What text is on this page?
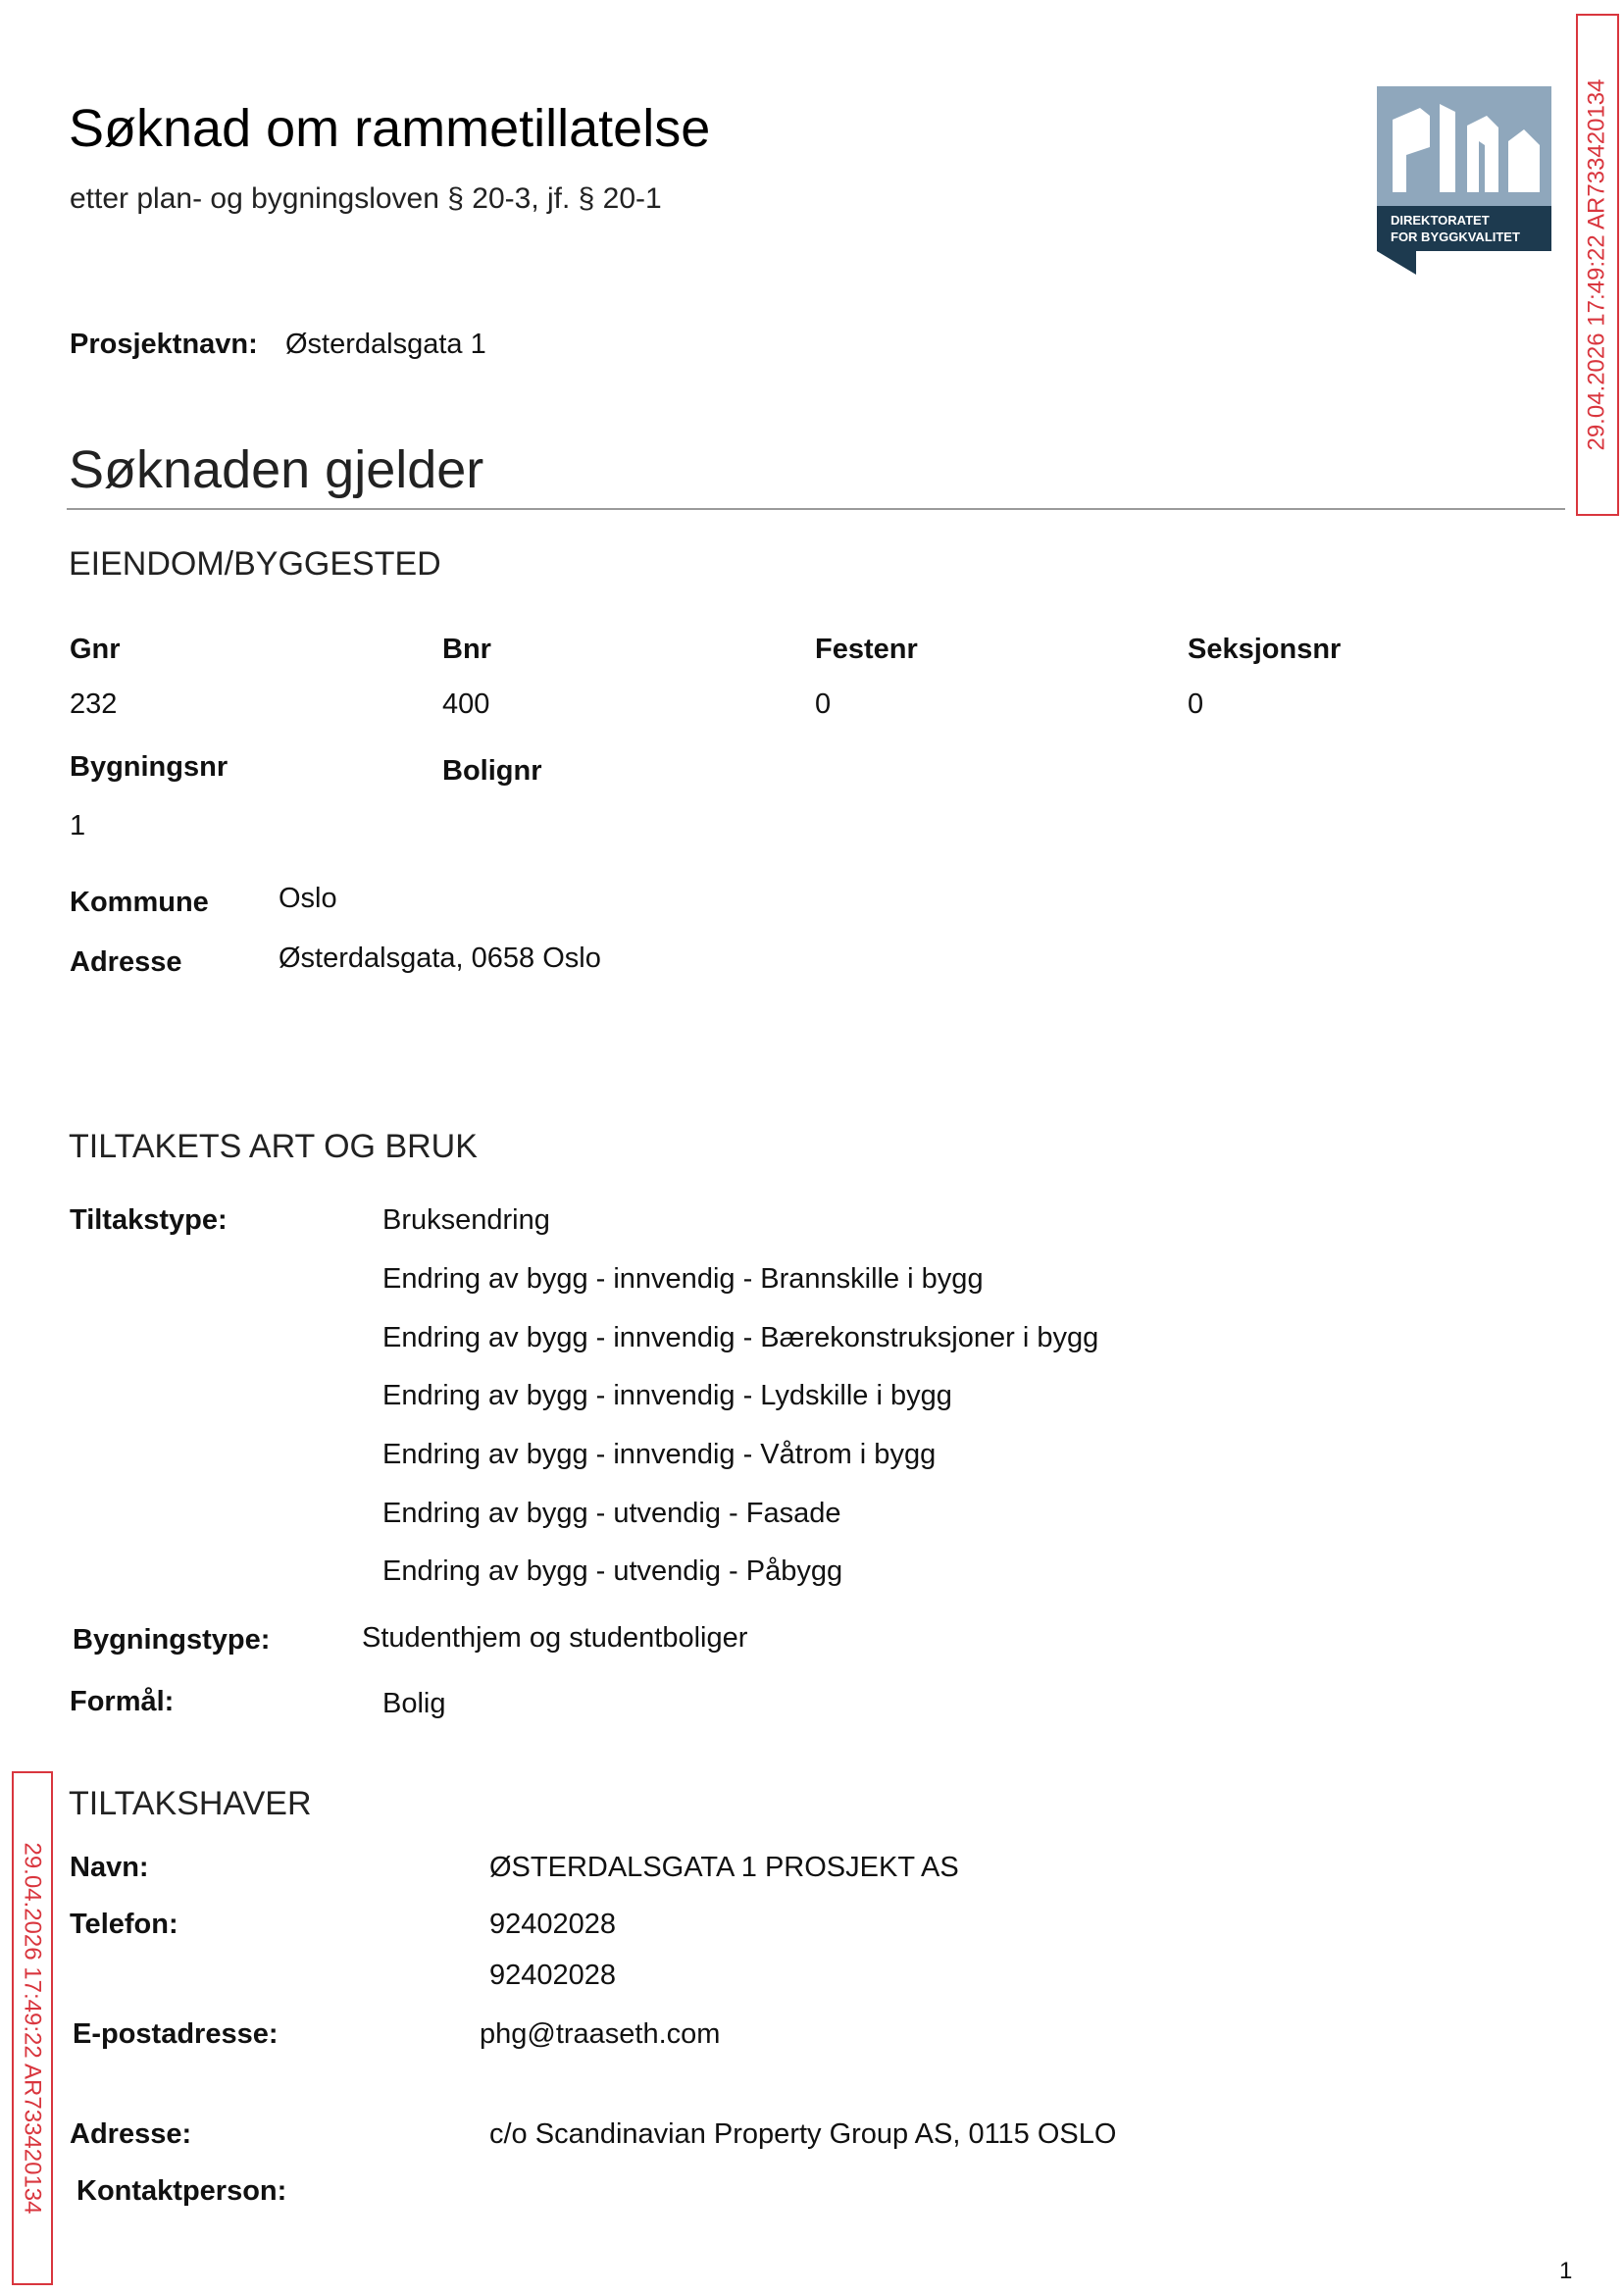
Søknad om rammetillatelse
etter plan- og bygningsloven § 20-3, jf. § 20-1
DIREKTORATET
FOR BYGGKVALITET	29.04.2026 17:49:22 AR733420134
29.04.2026 17:49:22 AR733420134
Prosjektnavn: Østerdalsgata 1
Søknaden gjelder
EIENDOM/BYGGESTED
Gnr	Bnr	Festenr	Seksjonsnr
232	400	0	0
Bygningsnr	Bolignr
1
Kommune Oslo
Adresse	Østerdalsgata, 0658 Oslo
TILTAKETS ART OG BRUK
Tiltakstype:	Bruksendring
Endring av bygg - innvendig - Brannskille i bygg
Endring av bygg - innvendig - Bærekonstruksjoner i bygg
Endring av bygg - innvendig - Lydskille i bygg
Endring av bygg - innvendig - Våtrom i bygg
Endring av bygg - utvendig - Fasade
Endring av bygg - utvendig - Påbygg
Bygningstype:	Studenthjem og studentboliger
Formål:	Bolig
TILTAKSHAVER
Navn:	ØSTERDALSGATA 1 PROSJEKT AS
Telefon:	92402028
92402028
E-postadresse:	phg@traaseth.com
Adresse:	c/o Scandinavian Property Group AS, 0115 OSLO
Kontaktperson:
1
